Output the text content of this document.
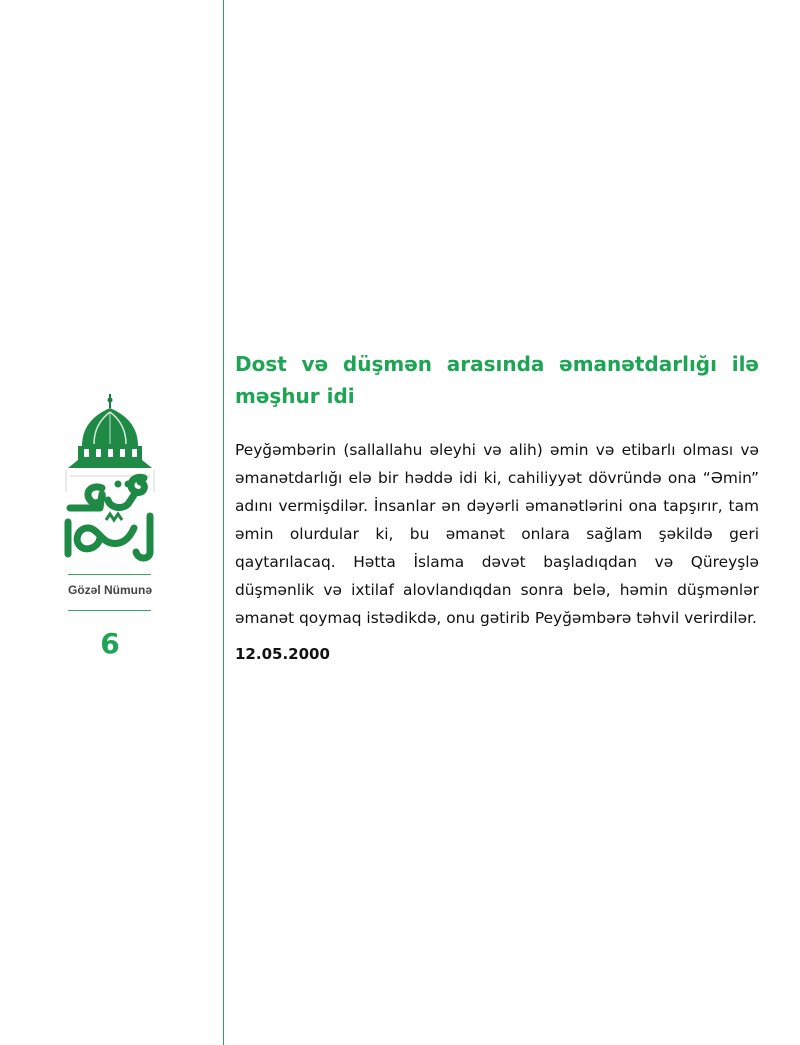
Gözəl Nümunə
6
Dost və düşmən arasında əmanətdarlığı ilə məşhur idi

Peyğəmbərin (sallallahu əleyhi və alih) əmin və etibarlı olması və əmanətdarlığı elə bir həddə idi ki, cahiliyyət dövründə ona “Əmin” adını vermişdilər. İnsanlar ən dəyərli əmanətlərini ona tapşırır, tam əmin olurdular ki, bu əmanət onlara sağlam şəkildə geri qaytarılacaq. Hətta İslama dəvət başladıqdan və Qüreyşlə düşmənlik və ixtilaf alovlandıqdan sonra belə, həmin düşmənlər əmanət qoymaq istədikdə, onu gətirib Peyğəmbərə təhvil verirdilər.

12.05.2000
